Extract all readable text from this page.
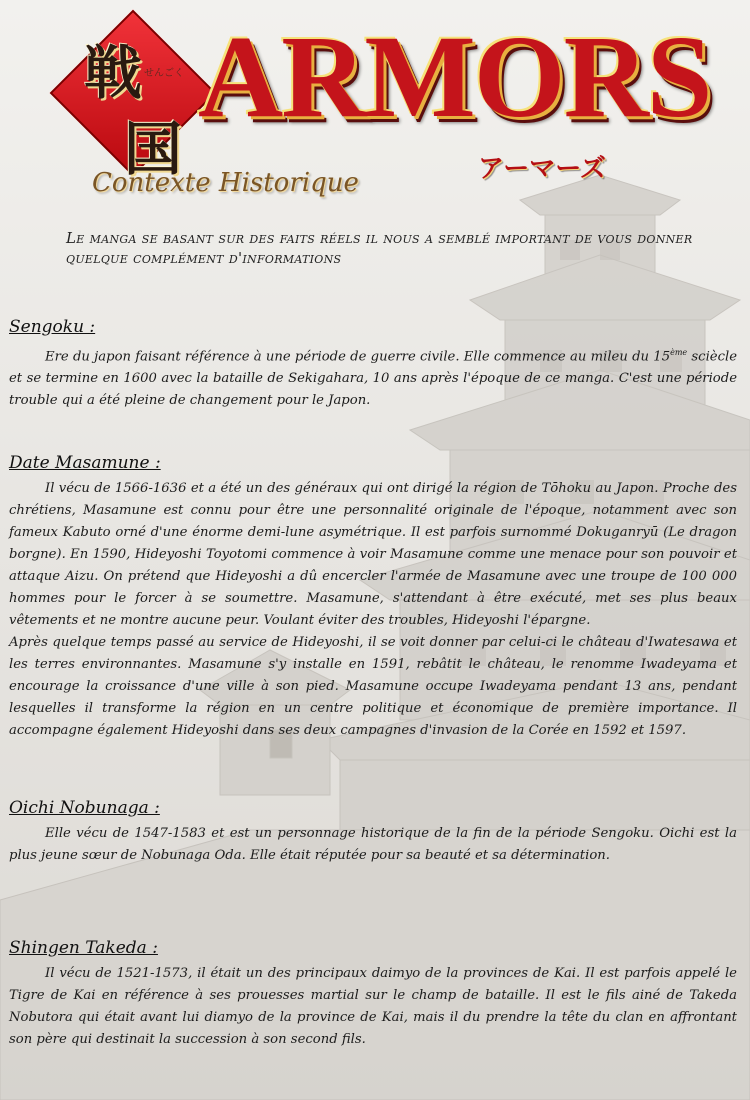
戦
国
せんごく ARMORS
アーマーズ
Contexte Historique
Le manga se basant sur des faits réels il nous a semblé important de vous donner quelque complément d'informations
Sengoku :

Ere du japon faisant référence à une période de guerre civile. Elle commence au mileu du 15ème sciècle et se termine en 1600 avec la bataille de Sekigahara, 10 ans après l'époque de ce manga. C'est une période trouble qui a été pleine de changement pour le Japon.

Date Masamune :

Il vécu de 1566-1636 et a été un des généraux qui ont dirigé la région de Tōhoku au Japon. Proche des chrétiens, Masamune est connu pour être une personnalité originale de l'époque, notamment avec son fameux Kabuto orné d'une énorme demi-lune asymétrique. Il est parfois surnommé Dokuganryū (Le dragon borgne). En 1590, Hideyoshi Toyotomi commence à voir Masamune comme une menace pour son pouvoir et attaque Aizu. On prétend que Hideyoshi a dû encercler l'armée de Masamune avec une troupe de 100 000 hommes pour le forcer à se soumettre. Masamune, s'attendant à être exécuté, met ses plus beaux vêtements et ne montre aucune peur. Voulant éviter des troubles, Hideyoshi l'épargne.

Après quelque temps passé au service de Hideyoshi, il se voit donner par celui-ci le château d'Iwatesawa et les terres environnantes. Masamune s'y installe en 1591, rebâtit le château, le renomme Iwadeyama et encourage la croissance d'une ville à son pied. Masamune occupe Iwadeyama pendant 13 ans, pendant lesquelles il transforme la région en un centre politique et économique de première importance. Il accompagne également Hideyoshi dans ses deux campagnes d'invasion de la Corée en 1592 et 1597.

Oichi Nobunaga :

Elle vécu de 1547-1583 et est un personnage historique de la fin de la période Sengoku. Oichi est la plus jeune sœur de Nobunaga Oda. Elle était réputée pour sa beauté et sa détermination.

Shingen Takeda :

Il vécu de 1521-1573, il était un des principaux daimyo de la provinces de Kai. Il est parfois appelé le Tigre de Kai en référence à ses prouesses martial sur le champ de bataille. Il est le fils ainé de Takeda Nobutora qui était avant lui diamyo de la province de Kai, mais il du prendre la tête du clan en affrontant son père qui destinait la succession à son second fils.
